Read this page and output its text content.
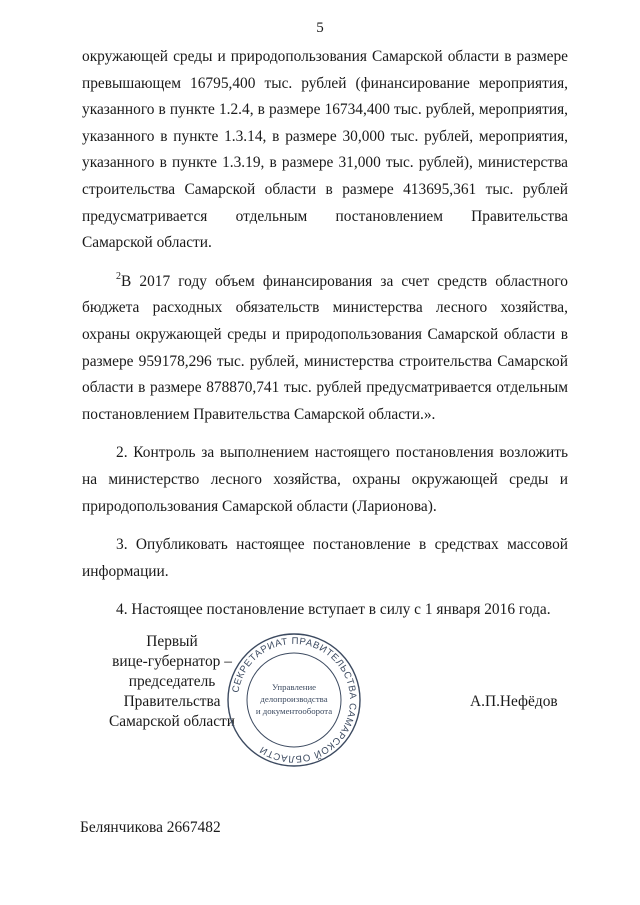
5

окружающей среды и природопользования Самарской области в размере превышающем 16795,400 тыс. рублей (финансирование мероприятия, указанного в пункте 1.2.4, в размере 16734,400 тыс. рублей, мероприятия, указанного в пункте 1.3.14, в размере 30,000 тыс. рублей, мероприятия, указанного в пункте 1.3.19, в размере 31,000 тыс. рублей), министерства строительства Самарской области в размере 413695,361 тыс. рублей предусматривается отдельным постановлением Правительства Самарской области.

$^2$В 2017 году объем финансирования за счет средств областного бюджета расходных обязательств министерства лесного хозяйства, охраны окружающей среды и природопользования Самарской области в размере 959178,296 тыс. рублей, министерства строительства Самарской области в размере 878870,741 тыс. рублей предусматривается отдельным постановлением Правительства Самарской области.».

2. Контроль за выполнением настоящего постановления возложить на министерство лесного хозяйства, охраны окружающей среды и природопользования Самарской области (Ларионова).

3. Опубликовать настоящее постановление в средствах массовой информации.

4. Настоящее постановление вступает в силу с 1 января 2016 года.

Первый
вице-губернатор –
председатель Правительства
Самарской области
СЕКРЕТАРИАТ ПРАВИТЕЛЬСТВА САМАРСКОЙ ОБЛАСТИ
Управление
делопроизводства
и документооборота
А.П.Нефёдов
Белянчикова 2667482
